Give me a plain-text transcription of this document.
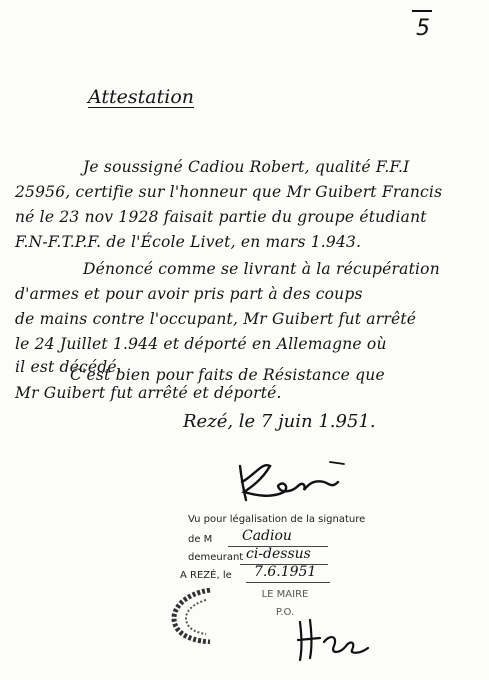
5
Attestation
Je soussigné Cadiou Robert, qualité F.F.I
25956, certifie sur l'honneur que Mr Guibert Francis
né le 23 nov 1928 faisait partie du groupe étudiant
F.N-F.T.P.F. de l'École Livet, en mars 1.943.
Dénoncé comme se livrant à la récupération
d'armes et pour avoir pris part à des coups
de mains contre l'occupant, Mr Guibert fut arrêté
le 24 Juillet 1.944 et déporté en Allemagne où
il est décédé.
C'est bien pour faits de Résistance que
Mr Guibert fut arrêté et déporté.
Rezé, le 7 juin 1.951.
Vu pour légalisation de la signature
de M Cadiou
demeurant ci-dessus
A REZÉ, le 7.6.1951
LE MAIRE
P.O.
